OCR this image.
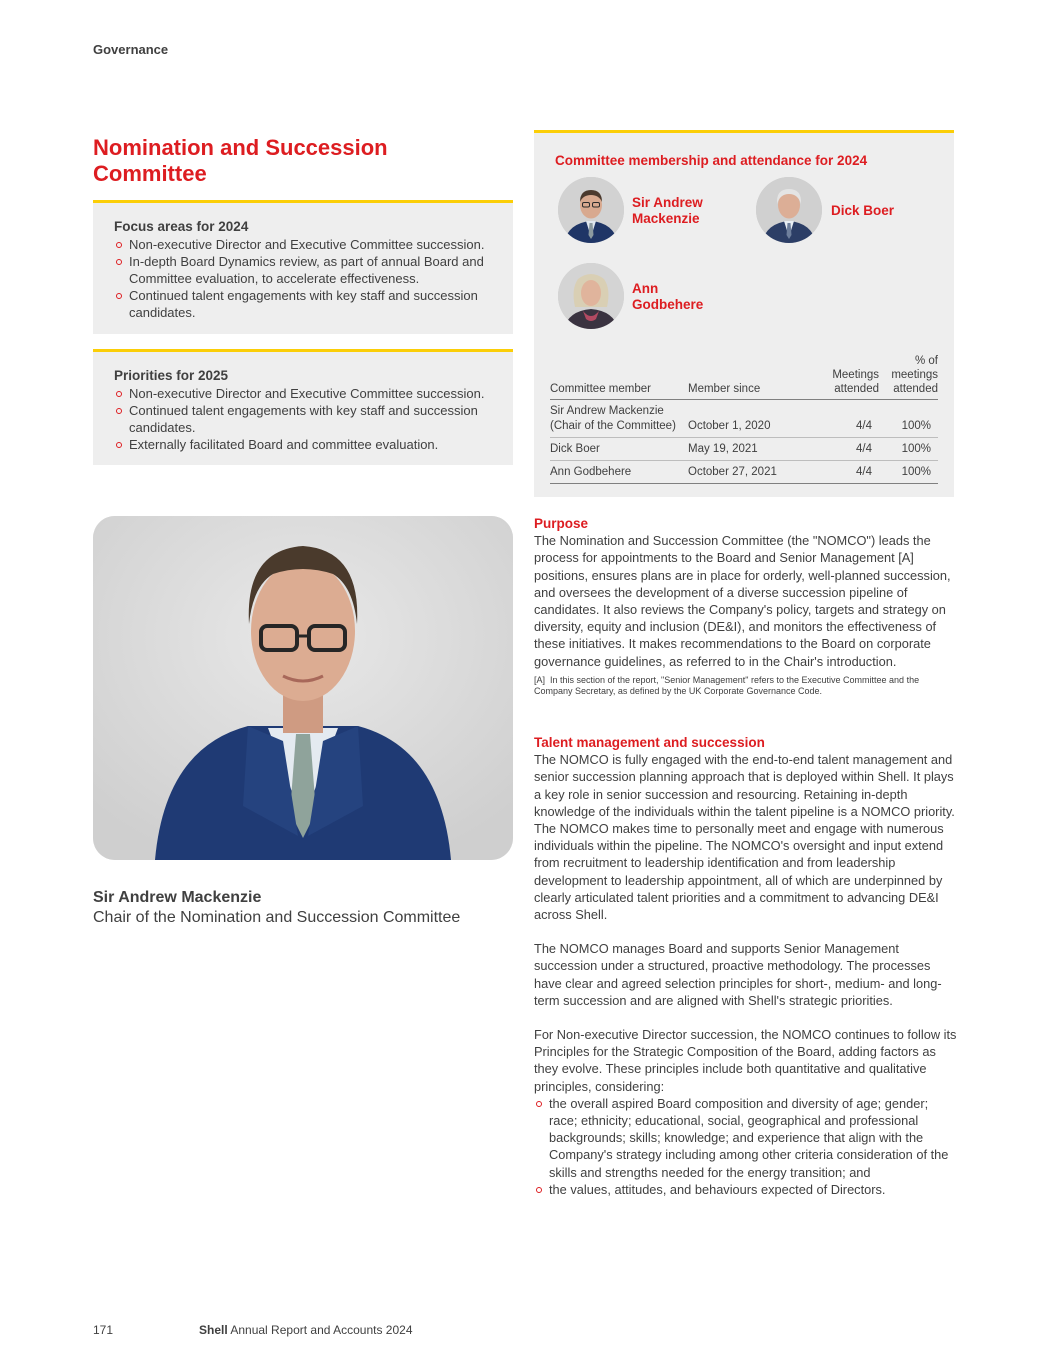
Governance
Nomination and Succession Committee
Focus areas for 2024
Non-executive Director and Executive Committee succession.
In-depth Board Dynamics review, as part of annual Board and Committee evaluation, to accelerate effectiveness.
Continued talent engagements with key staff and succession candidates.
Priorities for 2025
Non-executive Director and Executive Committee succession.
Continued talent engagements with key staff and succession candidates.
Externally facilitated Board and committee evaluation.
Committee membership and attendance for 2024
Sir Andrew Mackenzie
Dick Boer
Ann Godbehere
Committee member	Member since	Meetings attended	% of meetings attended
Sir Andrew Mackenzie (Chair of the Committee)	October 1, 2020	4/4	100%
Dick Boer	May 19, 2021	4/4	100%
Ann Godbehere	October 27, 2021	4/4	100%
Sir Andrew Mackenzie
Chair of the Nomination and Succession Committee
Purpose

The Nomination and Succession Committee (the "NOMCO") leads the process for appointments to the Board and Senior Management [A] positions, ensures plans are in place for orderly, well-planned succession, and oversees the development of a diverse succession pipeline of candidates. It also reviews the Company's policy, targets and strategy on diversity, equity and inclusion (DE&I), and monitors the effectiveness of these initiatives. It makes recommendations to the Board on corporate governance guidelines, as referred to in the Chair's introduction.

[A] In this section of the report, "Senior Management" refers to the Executive Committee and the Company Secretary, as defined by the UK Corporate Governance Code.

Talent management and succession

The NOMCO is fully engaged with the end-to-end talent management and senior succession planning approach that is deployed within Shell. It plays a key role in senior succession and resourcing. Retaining in-depth knowledge of the individuals within the talent pipeline is a NOMCO priority. The NOMCO makes time to personally meet and engage with numerous individuals within the pipeline. The NOMCO's oversight and input extend from recruitment to leadership identification and from leadership development to leadership appointment, all of which are underpinned by clearly articulated talent priorities and a commitment to advancing DE&I across Shell.

The NOMCO manages Board and supports Senior Management succession under a structured, proactive methodology. The processes have clear and agreed selection principles for short-, medium- and long-term succession and are aligned with Shell's strategic priorities.

For Non-executive Director succession, the NOMCO continues to follow its Principles for the Strategic Composition of the Board, adding factors as they evolve. These principles include both quantitative and qualitative principles, considering:

the overall aspired Board composition and diversity of age; gender; race; ethnicity; educational, social, geographical and professional backgrounds; skills; knowledge; and experience that align with the Company's strategy including among other criteria consideration of the skills and strengths needed for the energy transition; and
the values, attitudes, and behaviours expected of Directors.
171	Shell Annual Report and Accounts 2024
